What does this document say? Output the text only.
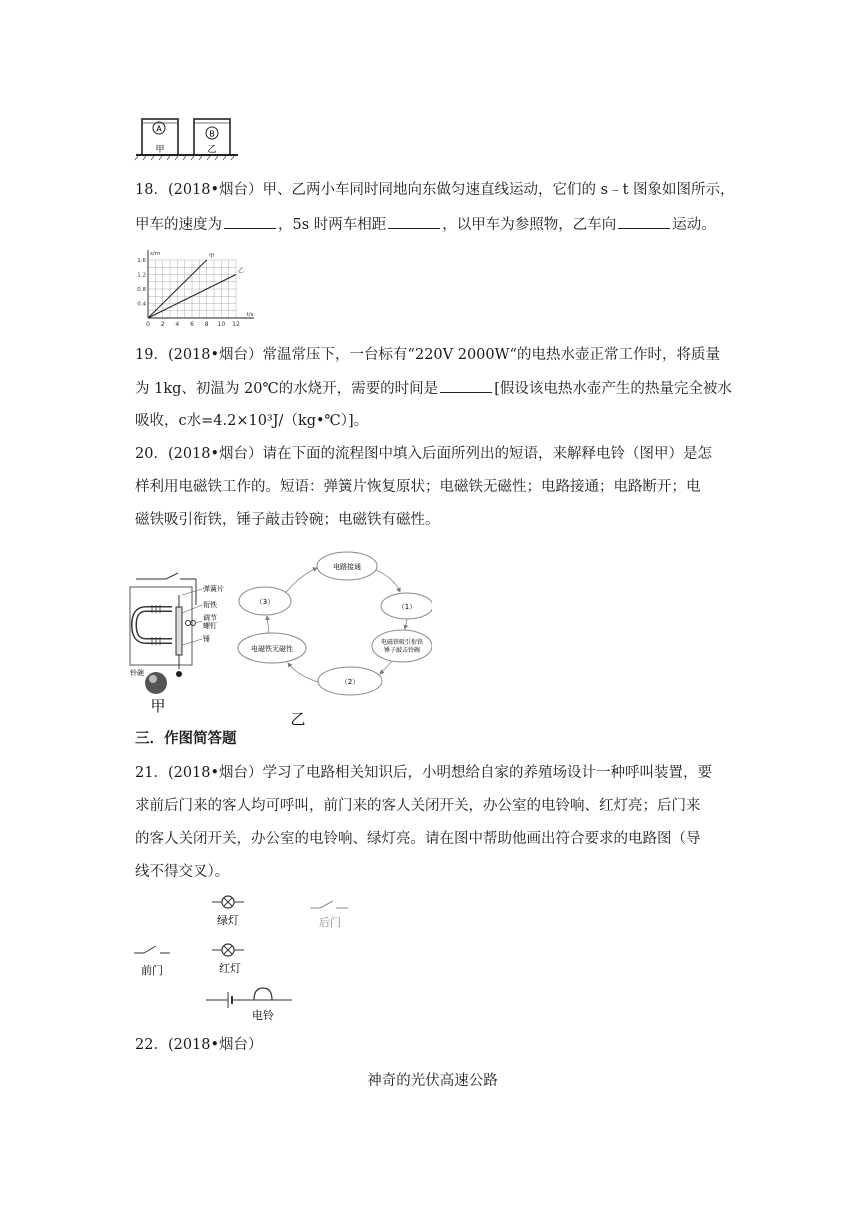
A
B
甲	乙
18．(2018•烟台）甲、乙两小车同时同地向东做匀速直线运动，它们的 s﹣t 图象如图所示，
甲车的速度为	，5s 时两车相距	，以甲车为参照物，乙车向	运动。
0 2 4 6 8 10 12
0.4
0.8
1.2
1.6
t/s
s/m	甲
乙
19．(2018•烟台）常温常压下，一台标有“220V 2000W“的电热水壶正常工作时，将质量
为 1kg、初温为 20℃的水烧开，需要的时间是	[假设该电热水壶产生的热量完全被水
吸收，c水=4.2×10³J/（kg•℃）]。
20．(2018•烟台）请在下面的流程图中填入后面所列出的短语，来解释电铃（图甲）是怎
样利用电磁铁工作的。短语：弹簧片恢复原状；电磁铁无磁性；电路接通；电路断开；电
磁铁吸引衔铁，锤子敲击铃碗；电磁铁有磁性。
弹簧片
衔铁
调节
螺钉
锤
铃碗
甲
电路接通
（1）
电磁铁吸引衔铁
锤子敲击铃碗
（2）
电磁铁无磁性
（3）
乙
三．作图简答题
21．(2018•烟台）学习了电路相关知识后，小明想给自家的养殖场设计一种呼叫装置，要
求前后门来的客人均可呼叫，前门来的客人关闭开关，办公室的电铃响、红灯亮；后门来
的客人关闭开关，办公室的电铃响、绿灯亮。请在图中帮助他画出符合要求的电路图（导
线不得交叉）。
绿灯	后门
前门	红灯
电铃
22．(2018•烟台）
神奇的光伏高速公路
